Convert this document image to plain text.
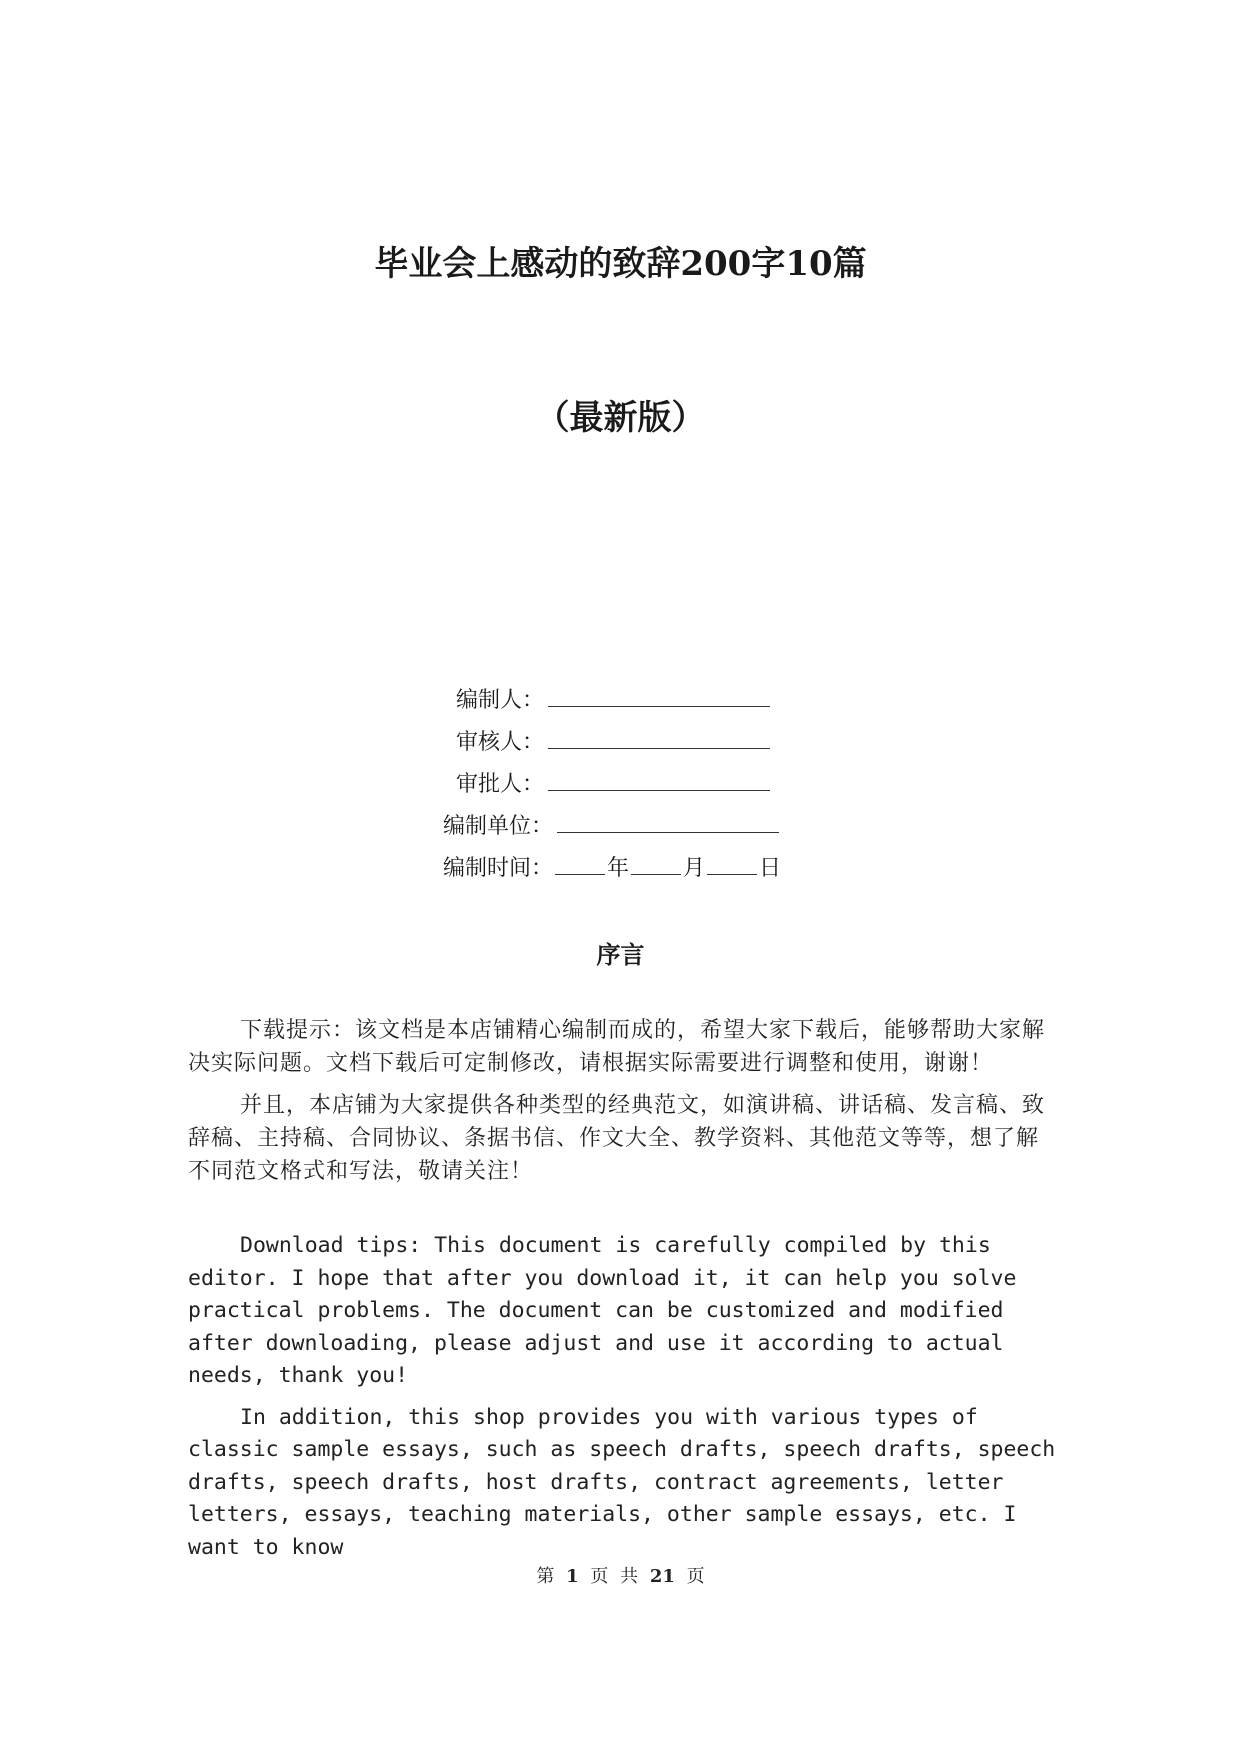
毕业会上感动的致辞200字10篇
（最新版）
编制人：
审核人：
审批人：
编制单位：
编制时间： 年 月 日
序言

下载提示：该文档是本店铺精心编制而成的，希望大家下载后，能够帮助大家解决实际问题。文档下载后可定制修改，请根据实际需要进行调整和使用，谢谢！

并且，本店铺为大家提供各种类型的经典范文，如演讲稿、讲话稿、发言稿、致辞稿、主持稿、合同协议、条据书信、作文大全、教学资料、其他范文等等，想了解不同范文格式和写法，敬请关注！

Download tips: This document is carefully compiled by this editor. I hope that after you download it, it can help you solve practical problems. The document can be customized and modified after downloading, please adjust and use it according to actual needs, thank you!

In addition, this shop provides you with various types of classic sample essays, such as speech drafts, speech drafts, speech drafts, speech drafts, host drafts, contract agreements, letter letters, essays, teaching materials, other sample essays, etc. I want to know

第 1 页 共 21 页
